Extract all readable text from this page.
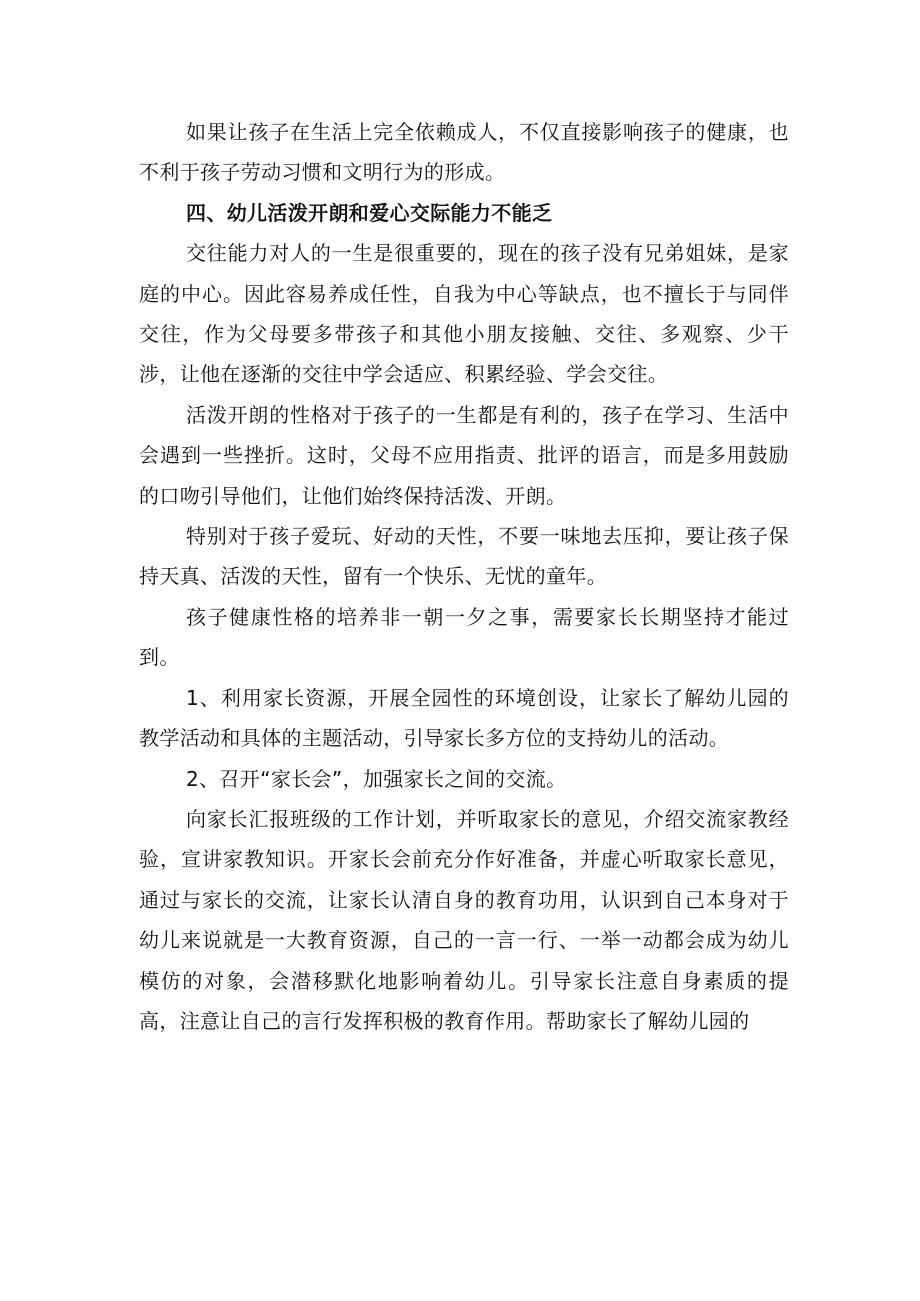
如果让孩子在生活上完全依赖成人，不仅直接影响孩子的健康，也不利于孩子劳动习惯和文明行为的形成。

四、幼儿活泼开朗和爱心交际能力不能乏

交往能力对人的一生是很重要的，现在的孩子没有兄弟姐妹，是家庭的中心。因此容易养成任性，自我为中心等缺点，也不擅长于与同伴交往，作为父母要多带孩子和其他小朋友接触、交往、多观察、少干涉，让他在逐渐的交往中学会适应、积累经验、学会交往。

活泼开朗的性格对于孩子的一生都是有利的，孩子在学习、生活中会遇到一些挫折。这时，父母不应用指责、批评的语言，而是多用鼓励的口吻引导他们，让他们始终保持活泼、开朗。

特别对于孩子爱玩、好动的天性，不要一味地去压抑，要让孩子保持天真、活泼的天性，留有一个快乐、无忧的童年。

孩子健康性格的培养非一朝一夕之事，需要家长长期坚持才能过到。

1、利用家长资源，开展全园性的环境创设，让家长了解幼儿园的教学活动和具体的主题活动，引导家长多方位的支持幼儿的活动。

2、召开“家长会”，加强家长之间的交流。

向家长汇报班级的工作计划，并听取家长的意见，介绍交流家教经验，宣讲家教知识。开家长会前充分作好准备，并虚心听取家长意见，通过与家长的交流，让家长认清自身的教育功用，认识到自己本身对于幼儿来说就是一大教育资源，自己的一言一行、一举一动都会成为幼儿模仿的对象，会潜移默化地影响着幼儿。引导家长注意自身素质的提高，注意让自己的言行发挥积极的教育作用。帮助家长了解幼儿园的
